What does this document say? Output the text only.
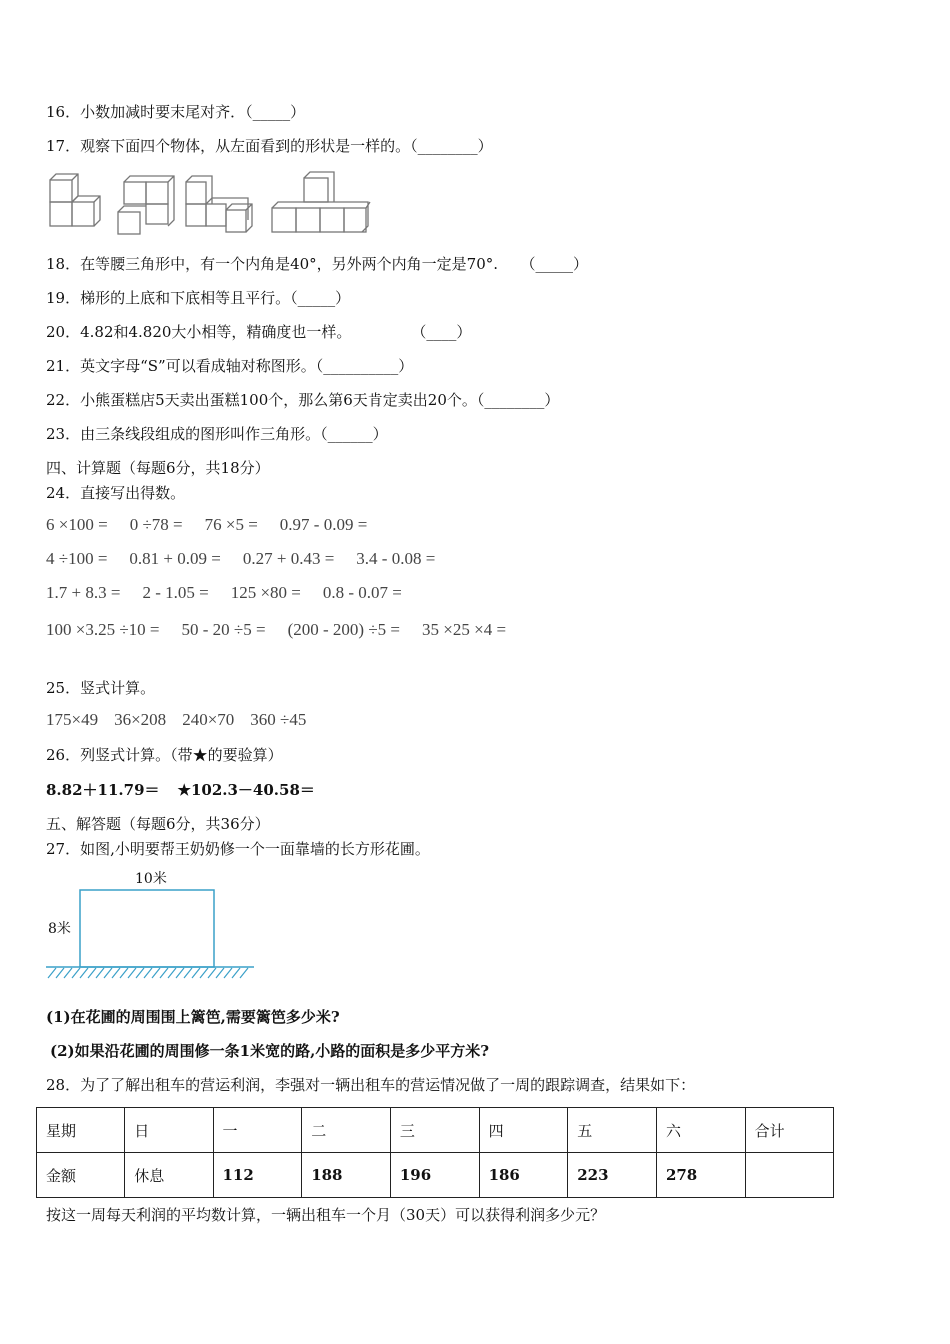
16．小数加减时要末尾对齐．（_____）
17．观察下面四个物体，从左面看到的形状是一样的。（________）
18．在等腰三角形中，有一个内角是40°，另外两个内角一定是70°.　　（_____）
19．梯形的上底和下底相等且平行。（_____）
20．4.82和4.820大小相等，精确度也一样。　　　　　（____）
21．英文字母“S”可以看成轴对称图形。（__________）
22．小熊蛋糕店5天卖出蛋糕100个，那么第6天肯定卖出20个。（________）
23．由三条线段组成的图形叫作三角形。（______）
四、计算题（每题6分，共18分）
24．直接写出得数。
6 ×100 = 0 ÷78 = 76 ×5 = 0.97 - 0.09 =
4 ÷100 = 0.81 + 0.09 = 0.27 + 0.43 = 3.4 - 0.08 =
1.7 + 8.3 = 2 - 1.05 = 125 ×80 = 0.8 - 0.07 =
100 ×3.25 ÷10 = 50 - 20 ÷5 = (200 - 200) ÷5 = 35 ×25 ×4 =
25．竖式计算。
175×49 36×208 240×70 360 ÷45
26．列竖式计算。（带★的要验算）
8.82＋11.79＝ ★102.3－40.58＝
五、解答题（每题6分，共36分）
27．如图,小明要帮王奶奶修一个一面靠墙的长方形花圃。
10米
8米
(1)在花圃的周围围上篱笆,需要篱笆多少米?
(2)如果沿花圃的周围修一条1米宽的路,小路的面积是多少平方米?
28．为了了解出租车的营运利润，李强对一辆出租车的营运情况做了一周的跟踪调查，结果如下：
星期	日	一	二	三	四	五	六	合计
金额	休息	112	188	196	186	223	278	
按这一周每天利润的平均数计算，一辆出租车一个月（30天）可以获得利润多少元？
